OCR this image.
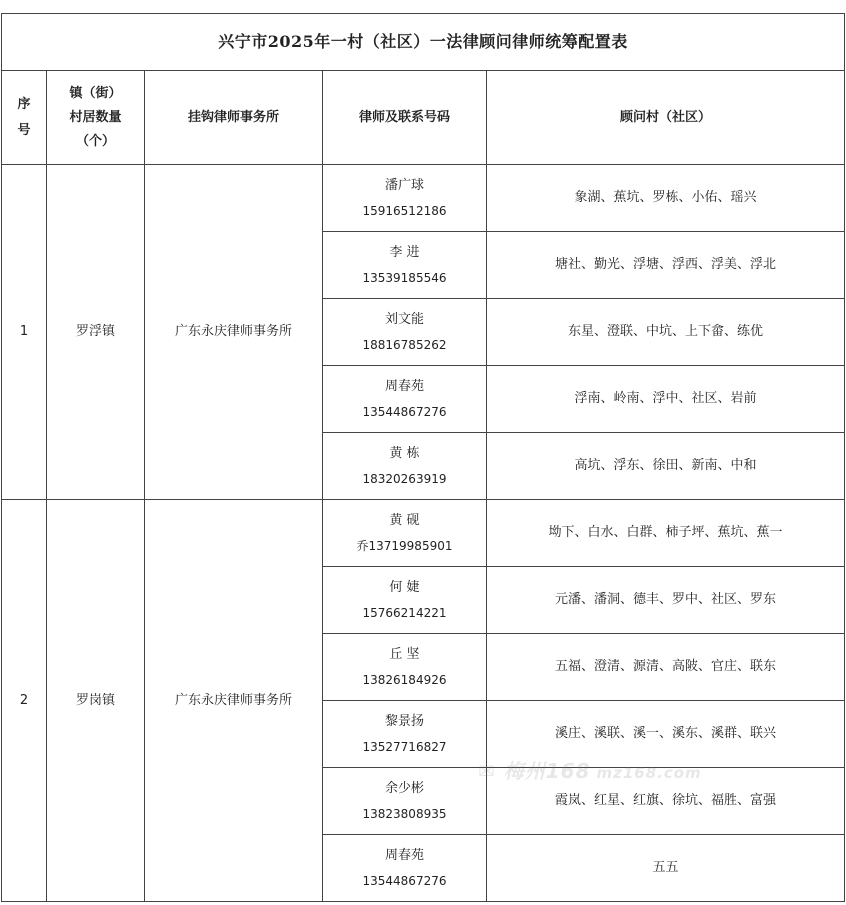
兴宁市2025年一村（社区）一法律顾问律师统筹配置表				

序号	镇（街）村居数量（个）	挂钩律师事务所	律师及联系号码	顾问村（社区）
1	罗浮镇	广东永庆律师事务所	潘广球
15916512186	象湖、蕉坑、罗栋、小佑、瑶兴

			李 进
13539185546	塘社、勤光、浮塘、浮西、浮美、浮北

			刘文能
18816785262	东星、澄联、中坑、上下畲、练优

			周春苑
13544867276	浮南、岭南、浮中、社区、岩前

			黄 栋
18320263919	高坑、浮东、徐田、新南、中和
2	罗岗镇	广东永庆律师事务所	黄 砚
乔13719985901	坳下、白水、白群、柿子坪、蕉坑、蕉一

			何 婕
15766214221	元潘、潘洞、德丰、罗中、社区、罗东

			丘 坚
13826184926	五福、澄清、源清、高陂、官庄、联东

			黎景扬
13527716827	溪庄、溪联、溪一、溪东、溪群、联兴

			余少彬
13823808935	霞岚、红星、红旗、徐坑、福胜、富强

			周春苑
13544867276	五五
✉ 梅州168 mz168.com
